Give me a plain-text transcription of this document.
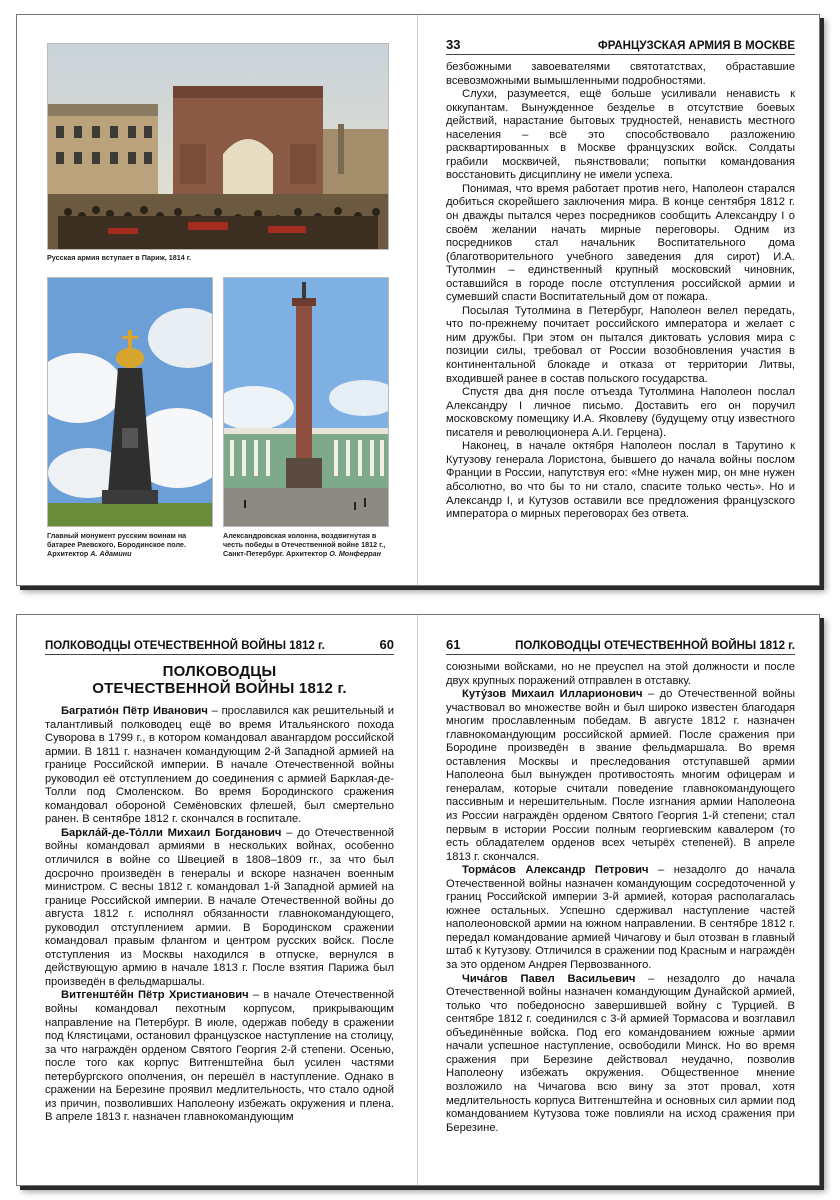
Русская армия вступает в Париж, 1814 г.
Главный монумент русским воинам на батарее Раевского, Бородинское поле. Архитектор А. Адамини
Александровская колонна, воздвигнутая в честь победы в Отечественной войне 1812 г., Санкт-Петербург. Архитектор О. Монферран
33	ФРАНЦУЗСКАЯ АРМИЯ В МОСКВЕ

безбожными завоевателями святотатствах, обраставшие всевозможными вымышленными подробностями.

Слухи, разумеется, ещё больше усиливали ненависть к оккупантам. Вынужденное безделье в отсутствие боевых действий, нарастание бытовых трудностей, ненависть местного населения – всё это способствовало разложению расквартированных в Москве французских войск. Солдаты грабили москвичей, пьянствовали; попытки командования восстановить дисциплину не имели успеха.

Понимая, что время работает против него, Наполеон старался добиться скорейшего заключения мира. В конце сентября 1812 г. он дважды пытался через посредников сообщить Александру I о своём желании начать мирные переговоры. Одним из посредников стал начальник Воспитательного дома (благотворительного учебного заведения для сирот) И.А. Тутолмин – единственный крупный московский чиновник, оставшийся в городе после отступления российской армии и сумевший спасти Воспитательный дом от пожара.

Посылая Тутолмина в Петербург, Наполеон велел передать, что по-прежнему почитает российского императора и желает с ним дружбы. При этом он пытался диктовать условия мира с позиции силы, требовал от России возобновления участия в континентальной блокаде и отказа от территории Литвы, входившей ранее в состав польского государства.

Спустя два дня после отъезда Тутолмина Наполеон послал Александру I личное письмо. Доставить его он поручил московскому помещику И.А. Яковлеву (будущему отцу известного писателя и революционера А.И. Герцена).

Наконец, в начале октября Наполеон послал в Тарутино к Кутузову генерала Лористона, бывшего до начала войны послом Франции в России, напутствуя его: «Мне нужен мир, он мне нужен абсолютно, во что бы то ни стало, спасите только честь». Но и Александр I, и Кутузов оставили все предложения французского императора о мирных переговорах без ответа.

ПОЛКОВОДЦЫ ОТЕЧЕСТВЕННОЙ ВОЙНЫ 1812 г.	60
ПОЛКОВОДЦЫ
ОТЕЧЕСТВЕННОЙ ВОЙНЫ 1812 г.

Багратио́н Пётр Иванович – прославился как решительный и талантливый полководец ещё во время Итальянского похода Суворова в 1799 г., в котором командовал авангардом российской армии. В 1811 г. назначен командующим 2-й Западной армией на границе Российской империи. В начале Отечественной войны руководил её отступлением до соединения с армией Барклая-де-Толли под Смоленском. Во время Бородинского сражения командовал обороной Семёновских флешей, был смертельно ранен. В сентябре 1812 г. скончался в госпитале.

Баркла́й-де-То́лли Михаил Богданович – до Отечественной войны командовал армиями в нескольких войнах, особенно отличился в войне со Швецией в 1808–1809 гг., за что был досрочно произведён в генералы и вскоре назначен военным министром. С весны 1812 г. командовал 1-й Западной армией на границе Российской империи. В начале Отечественной войны до августа 1812 г. исполнял обязанности главнокомандующего, руководил отступлением армии. В Бородинском сражении командовал правым флангом и центром русских войск. После отступления из Москвы находился в отпуске, вернулся в действующую армию в начале 1813 г. После взятия Парижа был произведён в фельдмаршалы.

Витгенште́йн Пётр Христианович – в начале Отечественной войны командовал пехотным корпусом, прикрывающим направление на Петербург. В июле, одержав победу в сражении под Клястицами, остановил французское наступление на столицу, за что награждён орденом Святого Георгия 2-й степени. Осенью, после того как корпус Витгенштейна был усилен частями петербургского ополчения, он перешёл в наступление. Однако в сражении на Березине проявил медлительность, что стало одной из причин, позволивших Наполеону избежать окружения и плена. В апреле 1813 г. назначен главнокомандующим

61	ПОЛКОВОДЦЫ ОТЕЧЕСТВЕННОЙ ВОЙНЫ 1812 г.

союзными войсками, но не преуспел на этой должности и после двух крупных поражений отправлен в отставку.

Куту́зов Михаил Илларионович – до Отечественной войны участвовал во множестве войн и был широко известен благодаря многим прославленным победам. В августе 1812 г. назначен главнокомандующим российской армией. После сражения при Бородине произведён в звание фельдмаршала. Во время оставления Москвы и преследования отступавшей армии Наполеона был вынужден противостоять многим офицерам и генералам, которые считали поведение главнокомандующего пассивным и нерешительным. После изгнания армии Наполеона из России награждён орденом Святого Георгия 1-й степени; стал первым в истории России полным георгиевским кавалером (то есть обладателем орденов всех четырёх степеней). В апреле 1813 г. скончался.

Торма́сов Александр Петрович – незадолго до начала Отечественной войны назначен командующим сосредоточенной у границ Российской империи 3-й армией, которая располагалась южнее остальных. Успешно сдерживал наступление частей наполеоновской армии на южном направлении. В сентябре 1812 г. передал командование армией Чичагову и был отозван в главный штаб к Кутузову. Отличился в сражении под Красным и награждён за это орденом Андрея Первозванного.

Чича́гов Павел Васильевич – незадолго до начала Отечественной войны назначен командующим Дунайской армией, только что победоносно завершившей войну с Турцией. В сентябре 1812 г. соединился с 3-й армией Тормасова и возглавил объединённые войска. Под его командованием южные армии начали успешное наступление, освободили Минск. Но во время сражения при Березине действовал неудачно, позволив Наполеону избежать окружения. Общественное мнение возложило на Чичагова всю вину за этот провал, хотя медлительность корпуса Витгенштейна и основных сил армии под командованием Кутузова тоже повлияли на исход сражения при Березине.
